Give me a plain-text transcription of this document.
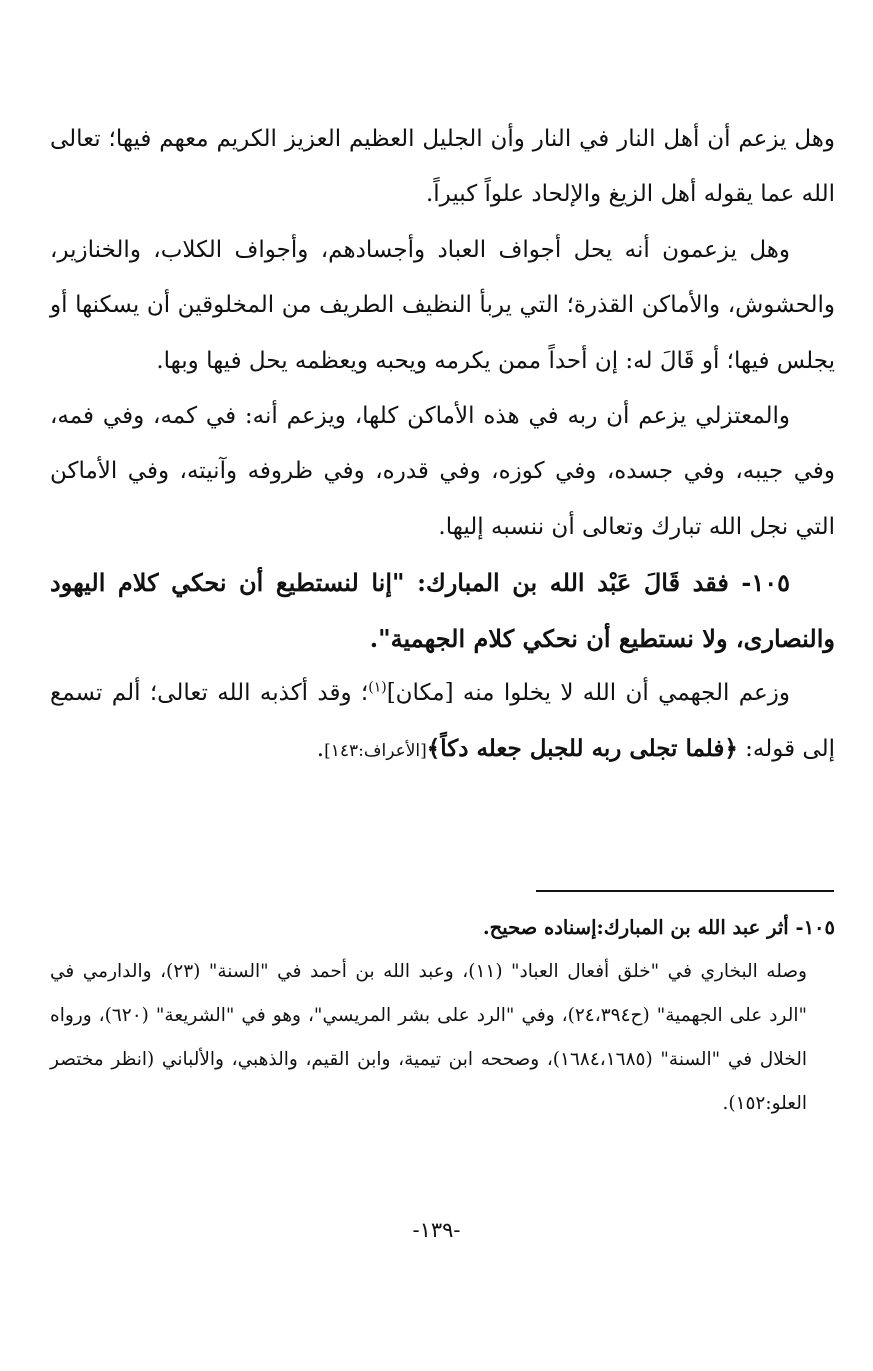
وهل يزعم أن أهل النار في النار وأن الجليل العظيم العزيز الكريم معهم فيها؛ تعالى الله عما يقوله أهل الزيغ والإلحاد علواً كبيراً.

وهل يزعمون أنه يحل أجواف العباد وأجسادهم، وأجواف الكلاب، والخنازير، والحشوش، والأماكن القذرة؛ التي يربأ النظيف الطريف من المخلوقين أن يسكنها أو يجلس فيها؛ أو قَالَ له: إن أحداً ممن يكرمه ويحبه ويعظمه يحل فيها وبها.

والمعتزلي يزعم أن ربه في هذه الأماكن كلها، ويزعم أنه: في كمه، وفي فمه، وفي جيبه، وفي جسده، وفي كوزه، وفي قدره، وفي ظروفه وآنيته، وفي الأماكن التي نجل الله تبارك وتعالى أن ننسبه إليها.

١٠٥- فقد قَالَ عَبْد الله بن المبارك: "إنا لنستطيع أن نحكي كلام اليهود والنصارى، ولا نستطيع أن نحكي كلام الجهمية".

وزعم الجهمي أن الله لا يخلوا منه [مكان]$^{(١)}$؛ وقد أكذبه الله تعالى؛ ألم تسمع إلى قوله: ﴿فلما تجلى ربه للجبل جعله دكاً﴾[الأعراف:١٤٣].

١٠٥- أثر عبد الله بن المبارك:إسناده صحيح.

وصله البخاري في "خلق أفعال العباد" (١١)، وعبد الله بن أحمد في "السنة" (٢٣)، والدارمي في "الرد على الجهمية" (ح٢٤،٣٩٤)، وفي "الرد على بشر المريسي"، وهو في "الشريعة" (٦٢٠)، ورواه الخلال في "السنة" (١٦٨٤،١٦٨٥)، وصححه ابن تيمية، وابن القيم، والذهبي، والألباني (انظر مختصر العلو:١٥٢).

-١٣٩-
